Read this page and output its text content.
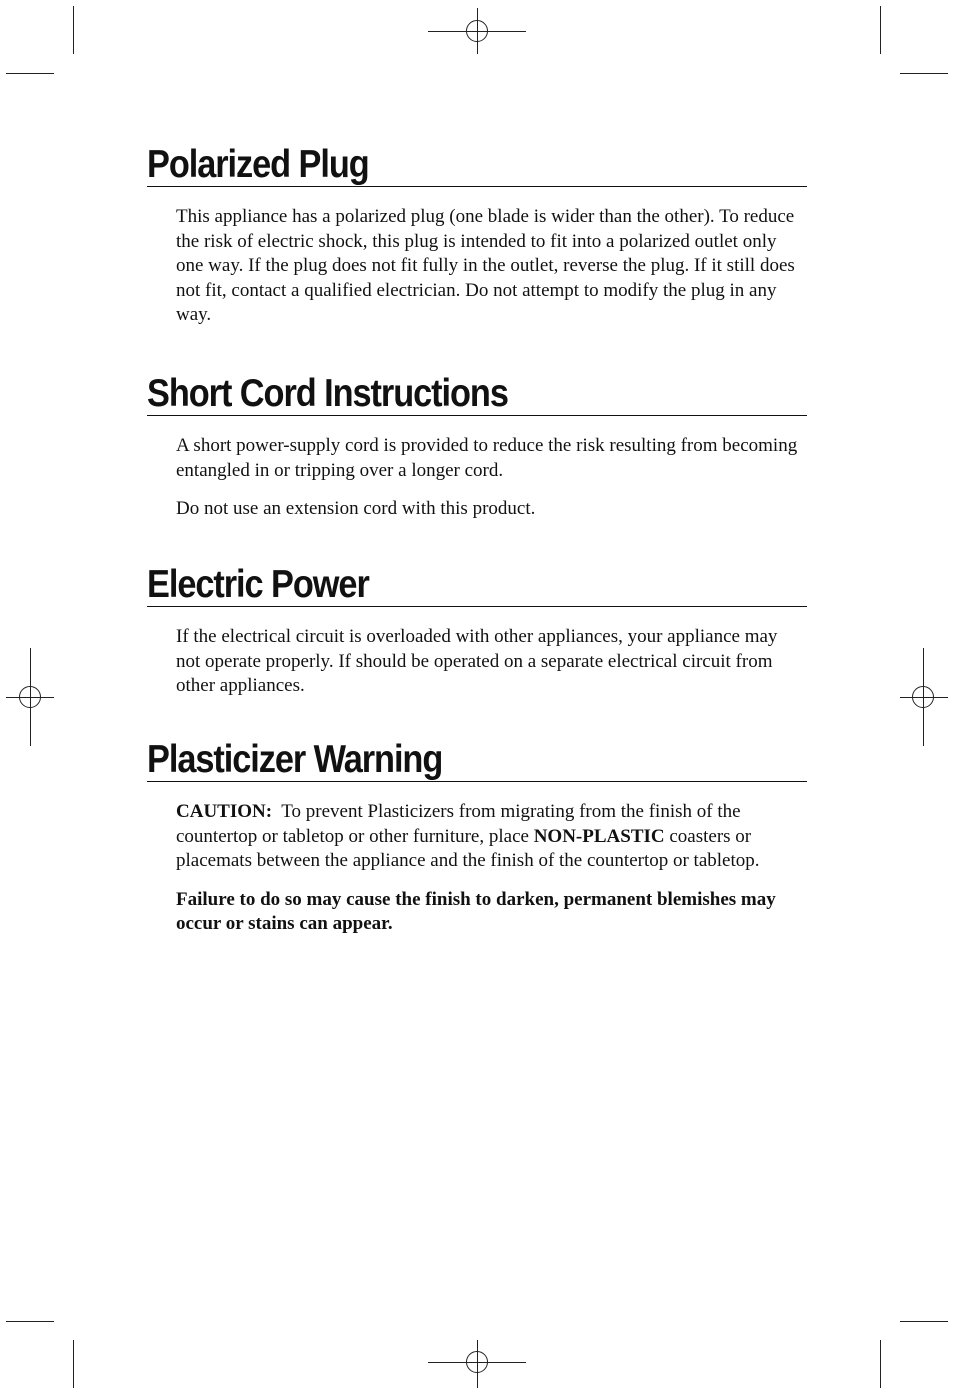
Polarized Plug

This appliance has a polarized plug (one blade is wider than the other). To reduce the risk of electric shock, this plug is intended to fit into a polarized outlet only one way. If the plug does not fit fully in the outlet, reverse the plug. If it still does not fit, contact a qualified electrician. Do not attempt to modify the plug in any way.

Short Cord Instructions

A short power-supply cord is provided to reduce the risk resulting from becoming entangled in or tripping over a longer cord.

Do not use an extension cord with this product.

Electric Power

If the electrical circuit is overloaded with other appliances, your appliance may not operate properly. If should be operated on a separate electrical circuit from other appliances.

Plasticizer Warning

CAUTION: To prevent Plasticizers from migrating from the finish of the countertop or tabletop or other furniture, place NON-PLASTIC coasters or placemats between the appliance and the finish of the countertop or tabletop.

Failure to do so may cause the finish to darken, permanent blemishes may occur or stains can appear.
